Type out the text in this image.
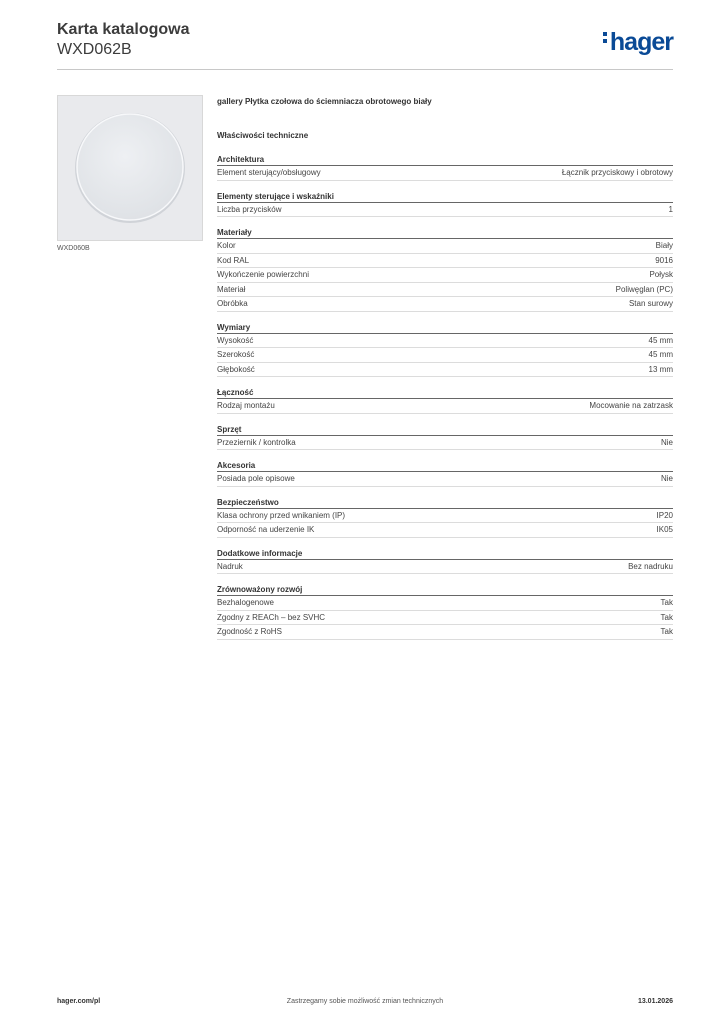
Karta katalogowa
WXD062B	hager
WXD060B
gallery Płytka czołowa do ściemniacza obrotowego biały
Właściwości techniczne
Architektura
Element sterujący/obsługowy	Łącznik przyciskowy i obrotowy
Elementy sterujące i wskaźniki
Liczba przycisków	1
Materiały
Kolor	Biały
Kod RAL	9016
Wykończenie powierzchni	Połysk
Materiał	Poliwęglan (PC)
Obróbka	Stan surowy
Wymiary
Wysokość	45 mm
Szerokość	45 mm
Głębokość	13 mm
Łączność
Rodzaj montażu	Mocowanie na zatrzask
Sprzęt
Przeziernik / kontrolka	Nie
Akcesoria
Posiada pole opisowe	Nie
Bezpieczeństwo
Klasa ochrony przed wnikaniem (IP)	IP20
Odporność na uderzenie IK	IK05
Dodatkowe informacje
Nadruk	Bez nadruku
Zrównoważony rozwój
Bezhalogenowe	Tak
Zgodny z REACh – bez SVHC	Tak
Zgodność z RoHS	Tak
hager.com/pl	Zastrzegamy sobie możliwość zmian technicznych	13.01.2026
